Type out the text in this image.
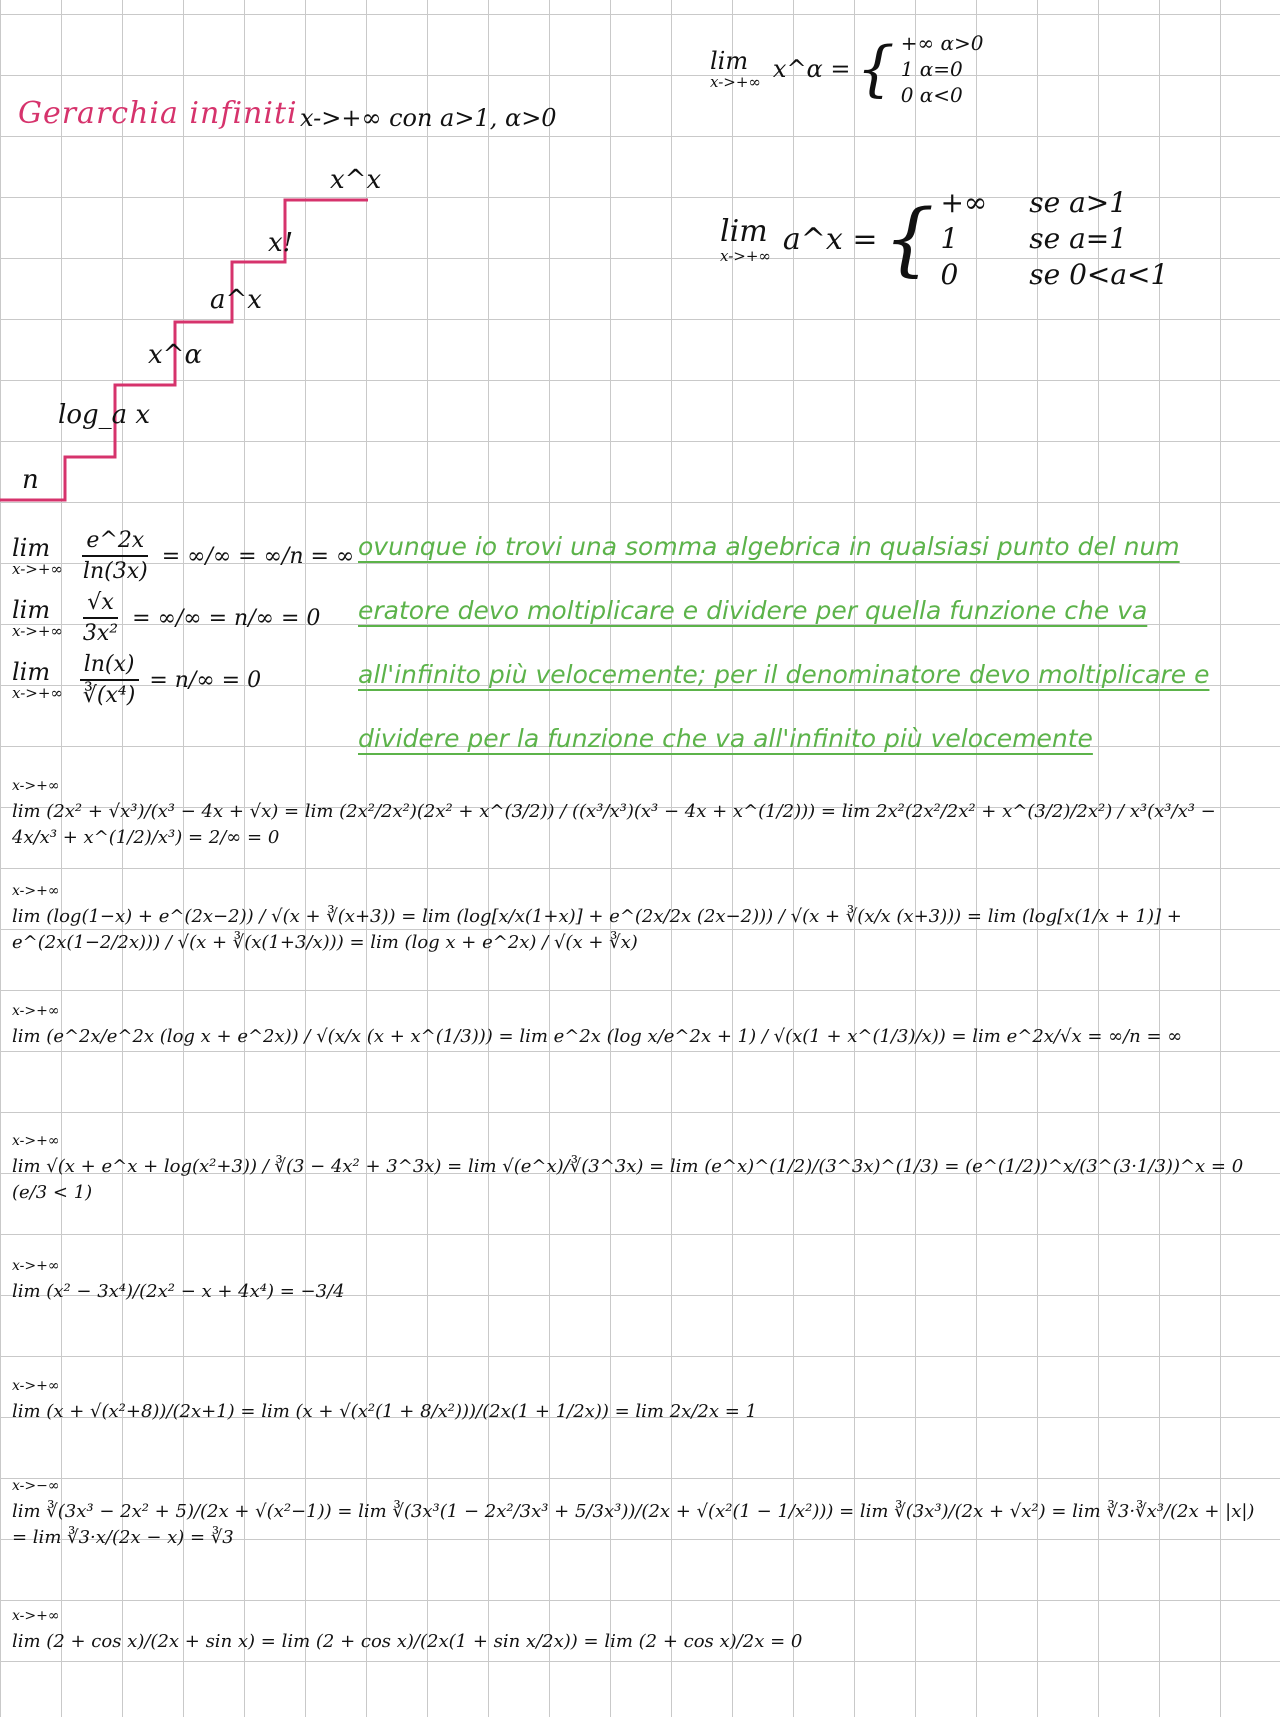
Gerarchia infiniti x->+∞ con a>1, α>0
n
log_a x
x^α
a^x
x!
x^x
lim
x->+∞ x^α = { +∞ α>0
1 α=0
0 α<0
lim
x->+∞ a^x = { +∞
1
0
se a>1
se a=1
se 0<a<1
lim
$x->+\infty \frac{e\^{}2x}{\ln(3x)}$ = ∞/∞ = ∞/n = ∞
lim
$x->+\infty \frac{√x}{\text{3x²}}$ = ∞/∞ = n/∞ = 0
lim
$x->+\infty \frac{\ln(x)}{\text{∛(x⁴)}} = n/\infty = 0$
ovunque io trovi una somma algebrica in qualsiasi punto del num
eratore devo moltiplicare e dividere per quella funzione che va
all'infinito più velocemente; per il denominatore devo moltiplicare e
dividere per la funzione che va all'infinito più velocemente
x->+∞
lim (2x² + √x³)/(x³ − 4x + √x) = lim (2x²/2x²)(2x² + x^(3/2)) / ((x³/x³)(x³ − 4x + x^(1/2))) = lim 2x²(2x²/2x² + x^(3/2)/2x²) / x³(x³/x³ − 4x/x³ + x^(1/2)/x³) = 2/∞ = 0
x->+∞
lim (log(1−x) + e^(2x−2)) / √(x + ∛(x+3)) = lim (log[x/x(1+x)] + e^(2x/2x (2x−2))) / √(x + ∛(x/x (x+3))) = lim (log[x(1/x + 1)] + e^(2x(1−2/2x))) / √(x + ∛(x(1+3/x))) = lim (log x + e^2x) / √(x + ∛x)
x->+∞
lim (e^2x/e^2x (log x + e^2x)) / √(x/x (x + x^(1/3))) = lim e^2x (log x/e^2x + 1) / √(x(1 + x^(1/3)/x)) = lim e^2x/√x = ∞/n = ∞
x->+∞
lim √(x + e^x + log(x²+3)) / ∛(3 − 4x² + 3^3x) = lim √(e^x)/∛(3^3x) = lim (e^x)^(1/2)/(3^3x)^(1/3) = (e^(1/2))^x/(3^(3·1/3))^x = 0 (e/3 < 1)
x->+∞
lim (x² − 3x⁴)/(2x² − x + 4x⁴) = −3/4
x->+∞
lim (x + √(x²+8))/(2x+1) = lim (x + √(x²(1 + 8/x²)))/(2x(1 + 1/2x)) = lim 2x/2x = 1
x->−∞
lim ∛(3x³ − 2x² + 5)/(2x + √(x²−1)) = lim ∛(3x³(1 − 2x²/3x³ + 5/3x³))/(2x + √(x²(1 − 1/x²))) = lim ∛(3x³)/(2x + √x²) = lim ∛3·∛x³/(2x + |x|) = lim ∛3·x/(2x − x) = ∛3
x->+∞
lim (2 + cos x)/(2x + sin x) = lim (2 + cos x)/(2x(1 + sin x/2x)) = lim (2 + cos x)/2x = 0
